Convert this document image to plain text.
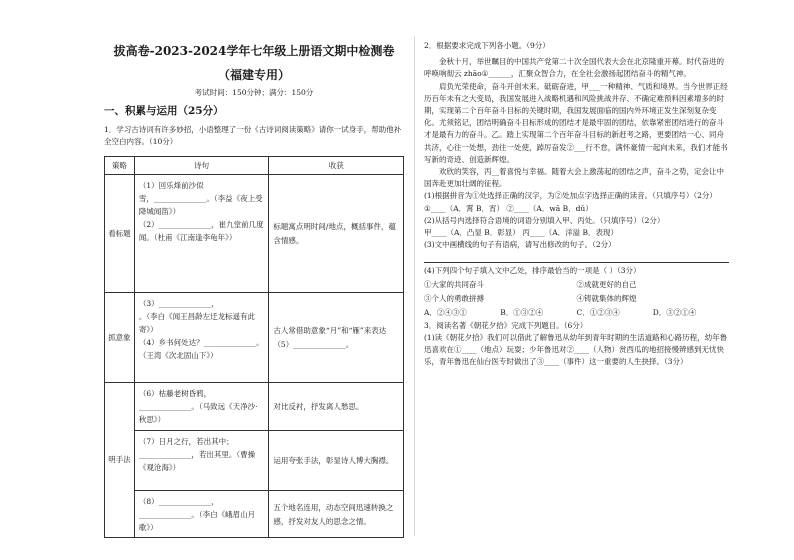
拔高卷-2023-2024学年七年级上册语文期中检测卷
（福建专用）
考试时间：150分钟；满分：150分
一、积累与运用（25分）
1．学习古诗词有许多妙招，小语整理了一份《古诗词阅读策略》请你一试身手，帮助他补全空白内容。（10分）
策略	诗句	收获
看标题	（1）回乐烽前沙似
雪，______________。（李益《夜上受降城闻笛》）
（2）______________，崔九堂前几度闻。（杜甫《江南逢李龟年》）	标题寓点明时间/地点，概括事件，蕴含情感。
抓意象	（3）______________，
。（李白《闻王昌龄左迁龙标遥有此寄》）
（4）乡书何处达？______________。（王湾《次北固山下》）	古人常借助意象“月”和“雁”来表达（5）______________。
明手法	（6）枯藤老树昏鸦，______________。（马致远《天净沙·秋思》）	对比反衬，抒发离人愁思。
	（7）日月之行，若出其中；______________，若出其里。（曹操《观沧海》）	运用夸张手法，彰显诗人博大胸襟。
	（8）______________，______________。（李白《峨眉山月歌》）	五个地名连用，动态空间迅速转换之感，抒发对友人的思念之情。
2．根据要求完成下列各小题。（9分）
金秋十月，举世瞩目的中国共产党第二十次全国代表大会在北京隆重开幕。时代奋进的呼唤响彻云 zhāo①______，汇聚众智合力，在全社会激扬起团结奋斗的精气神。
肩负光荣使命，奋斗开创未来。砥砺奋进，甲___一种精神、气质和境界。当今世界正经历百年未有之大变局，我国发展进入战略机遇和风险挑战并存、不确定难预料因素增多的时期，实现第二个百年奋斗目标的关键时期，我国发展面临的国内外环境正发生深刻复杂变化。尤须铭记，团结明确奋斗目标形成的团结才是最牢固的团结，依靠紧密团结进行的奋斗才是最有力的奋斗。乙。踏上实现第二个百年奋斗目标的新赶考之路，更要团结一心、同舟共济，心往一处想，劲往一处使，踔厉奋发②___行不怠，满怀豪情一起向未来，我们才能书写新的奇迹、创造新辉煌。
欢欣的笑容，丙__着喜悦与幸福。随着大会上激荡起的团结之声，奋斗之势，定会让中国奔赴更加壮阔的征程。
(1)根据拼音为①处选择正确的汉字，为②处加点字选择正确的读音。（只填序号）（2分）
①____（A．霄 B．宵） ②____（A．wā B．dǔ）
(2)从括号内选择符合语境的词语分别填入甲、丙处。（只填序号）（2分）
甲____（A．凸显 B．彰显） 丙____（A．洋溢 B．表现）
(3)文中画横线的句子有语病，请写出修改的句子。（2分）
(4)下列四个句子填入文中乙处，排序最恰当的一项是（ ）（3分）
①大家的共同奋斗	②成就更好的自己
③个人的勇敢拼搏	④铸就集体的辉煌
A．②④③①	B．①③②④	C．①②③④	D．③②①④
3．阅读名著《朝花夕拾》完成下列题目。（6分）
(1)读《朝花夕拾》我们可以借此了解鲁迅从幼年到青年时期的生活道路和心路历程，幼年鲁迅喜欢在①____（地点）玩耍；少年鲁迅对②____（人物）赏西瓜的地招接慢辨感到无忧快乐，青年鲁迅在仙台医专时做出了③____（事件）这一重要的人生抉择。（3分）
